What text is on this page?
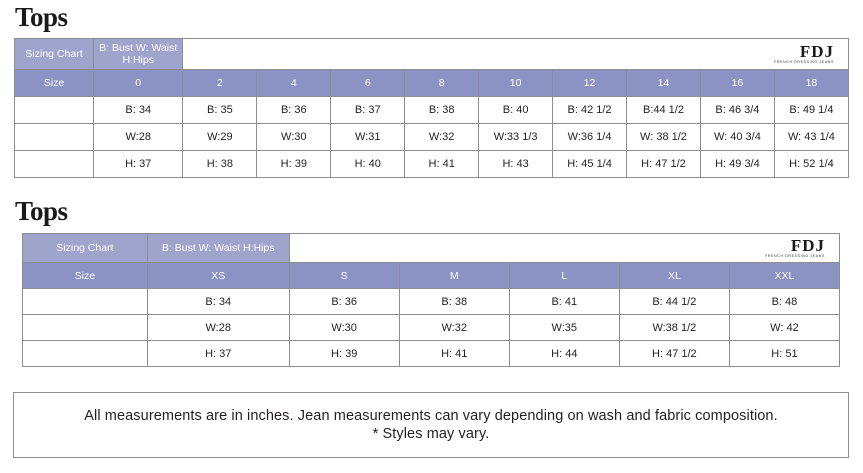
Tops
Sizing Chart	B: Bust W: Waist H:Hips	FDJ
FRENCH DRESSING JEANS								

Size	0	2	4	6	8	10	12	14	16	18
	B: 34	B: 35	B: 36	B: 37	B: 38	B: 40	B: 42 1/2	B:44 1/2	B: 46 3/4	B: 49 1/4
	W:28	W:29	W:30	W:31	W:32	W:33 1/3	W:36 1/4	W: 38 1/2	W: 40 3/4	W: 43 1/4
	H: 37	H: 38	H: 39	H: 40	H: 41	H: 43	H: 45 1/4	H: 47 1/2	H: 49 3/4	H: 52 1/4
Tops
Sizing Chart	B: Bust W: Waist H:Hips	FDJ
FRENCH DRESSING JEANS				

Size	XS	S	M	L	XL	XXL
	B: 34	B: 36	B: 38	B: 41	B: 44 1/2	B: 48
	W:28	W:30	W:32	W:35	W:38 1/2	W: 42
	H: 37	H: 39	H: 41	H: 44	H: 47 1/2	H: 51
All measurements are in inches. Jean measurements can vary depending on wash and fabric composition.
* Styles may vary.
